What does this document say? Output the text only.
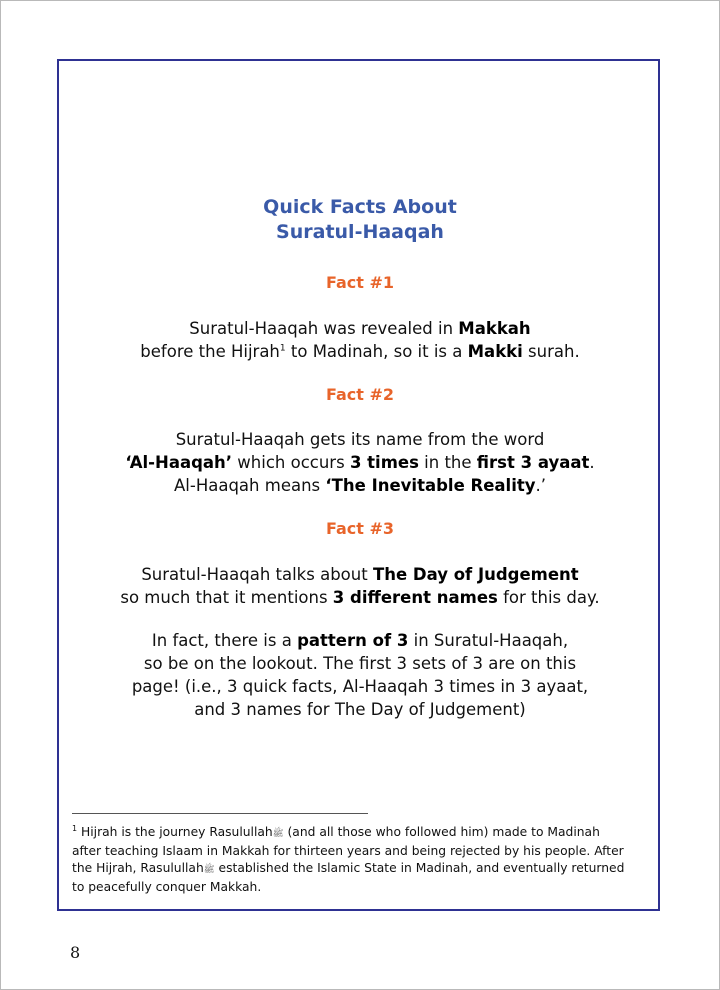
Quick Facts About
Suratul-Haaqah
Fact #1
Suratul-Haaqah was revealed in Makkah
before the Hijrah$^1$ to Madinah, so it is a Makki surah.
Fact #2
Suratul-Haaqah gets its name from the word
‘Al-Haaqah’ which occurs 3 times in the first 3 ayaat.
Al-Haaqah means ‘The Inevitable Reality.’
Fact #3
Suratul-Haaqah talks about The Day of Judgement
so much that it mentions 3 different names for this day.
In fact, there is a pattern of 3 in Suratul-Haaqah,
so be on the lookout. The first 3 sets of 3 are on this
page! (i.e., 3 quick facts, Al-Haaqah 3 times in 3 ayaat,
and 3 names for The Day of Judgement)
$^1$ Hijrah is the journey Rasulullahﷺ (and all those who followed him) made to Madinah after teaching Islaam in Makkah for thirteen years and being rejected by his people. After the Hijrah, Rasulullahﷺ established the Islamic State in Madinah, and eventually returned to peacefully conquer Makkah.
8
